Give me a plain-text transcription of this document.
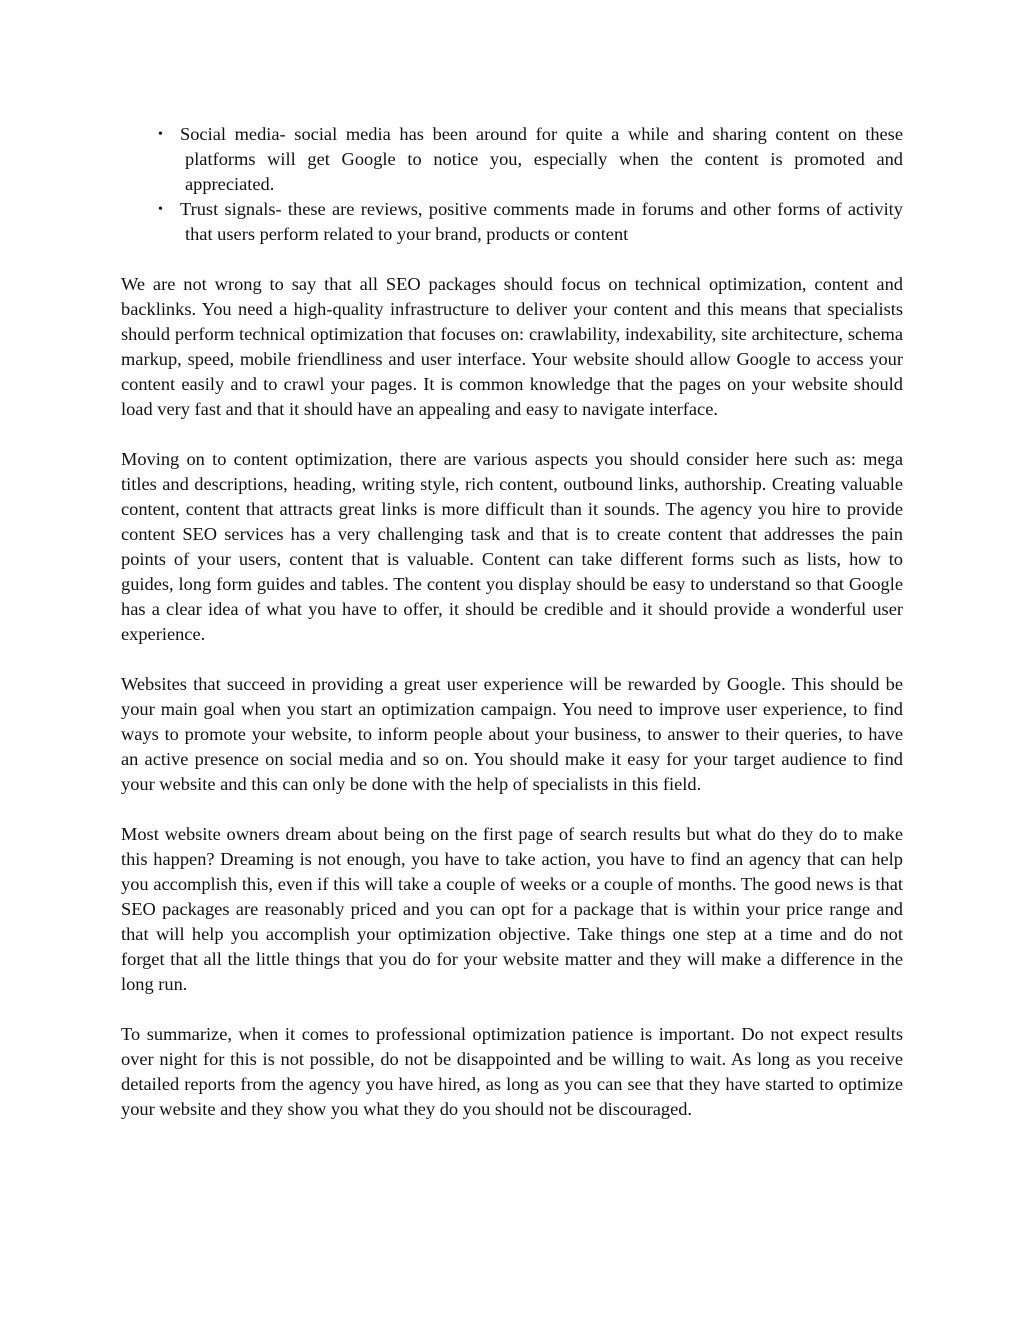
• Social media- social media has been around for quite a while and sharing content on these platforms will get Google to notice you, especially when the content is promoted and appreciated.
• Trust signals- these are reviews, positive comments made in forums and other forms of activity that users perform related to your brand, products or content

We are not wrong to say that all SEO packages should focus on technical optimization, content and backlinks. You need a high-quality infrastructure to deliver your content and this means that specialists should perform technical optimization that focuses on: crawlability, indexability, site architecture, schema markup, speed, mobile friendliness and user interface. Your website should allow Google to access your content easily and to crawl your pages. It is common knowledge that the pages on your website should load very fast and that it should have an appealing and easy to navigate interface.

Moving on to content optimization, there are various aspects you should consider here such as: mega titles and descriptions, heading, writing style, rich content, outbound links, authorship. Creating valuable content, content that attracts great links is more difficult than it sounds. The agency you hire to provide content SEO services has a very challenging task and that is to create content that addresses the pain points of your users, content that is valuable. Content can take different forms such as lists, how to guides, long form guides and tables. The content you display should be easy to understand so that Google has a clear idea of what you have to offer, it should be credible and it should provide a wonderful user experience.

Websites that succeed in providing a great user experience will be rewarded by Google. This should be your main goal when you start an optimization campaign. You need to improve user experience, to find ways to promote your website, to inform people about your business, to answer to their queries, to have an active presence on social media and so on. You should make it easy for your target audience to find your website and this can only be done with the help of specialists in this field.

Most website owners dream about being on the first page of search results but what do they do to make this happen? Dreaming is not enough, you have to take action, you have to find an agency that can help you accomplish this, even if this will take a couple of weeks or a couple of months. The good news is that SEO packages are reasonably priced and you can opt for a package that is within your price range and that will help you accomplish your optimization objective. Take things one step at a time and do not forget that all the little things that you do for your website matter and they will make a difference in the long run.

To summarize, when it comes to professional optimization patience is important. Do not expect results over night for this is not possible, do not be disappointed and be willing to wait. As long as you receive detailed reports from the agency you have hired, as long as you can see that they have started to optimize your website and they show you what they do you should not be discouraged.
